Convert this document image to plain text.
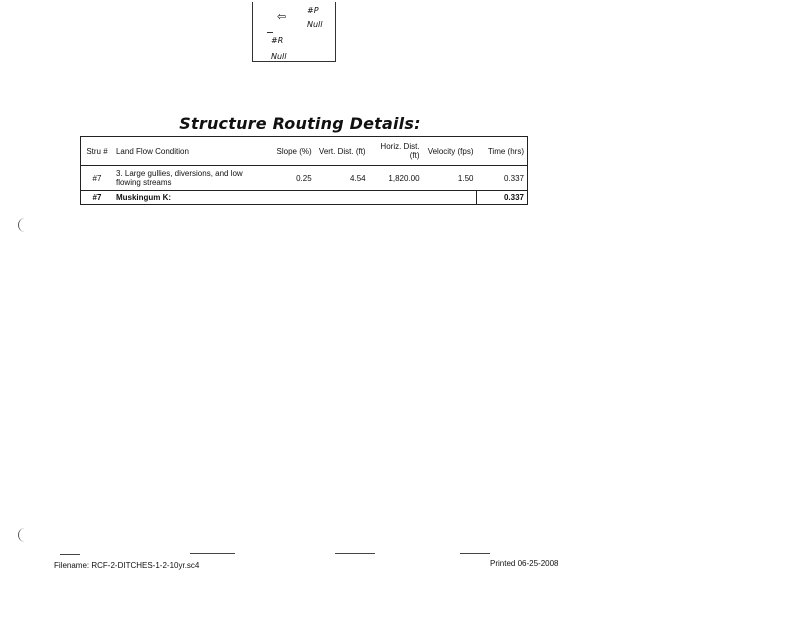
⇦	#P
Null
#R
Null
Structure Routing Details:
Stru #	Land Flow Condition	Slope (%)	Vert. Dist. (ft)	Horiz. Dist. (ft)	Velocity (fps)	Time (hrs)
#7	3. Large gullies, diversions, and low flowing streams	0.25	4.54	1,820.00	1.50	0.337
#7	Muskingum K:					0.337
Filename: RCF-2-DITCHES-1-2-10yr.sc4	Printed 06-25-2008
